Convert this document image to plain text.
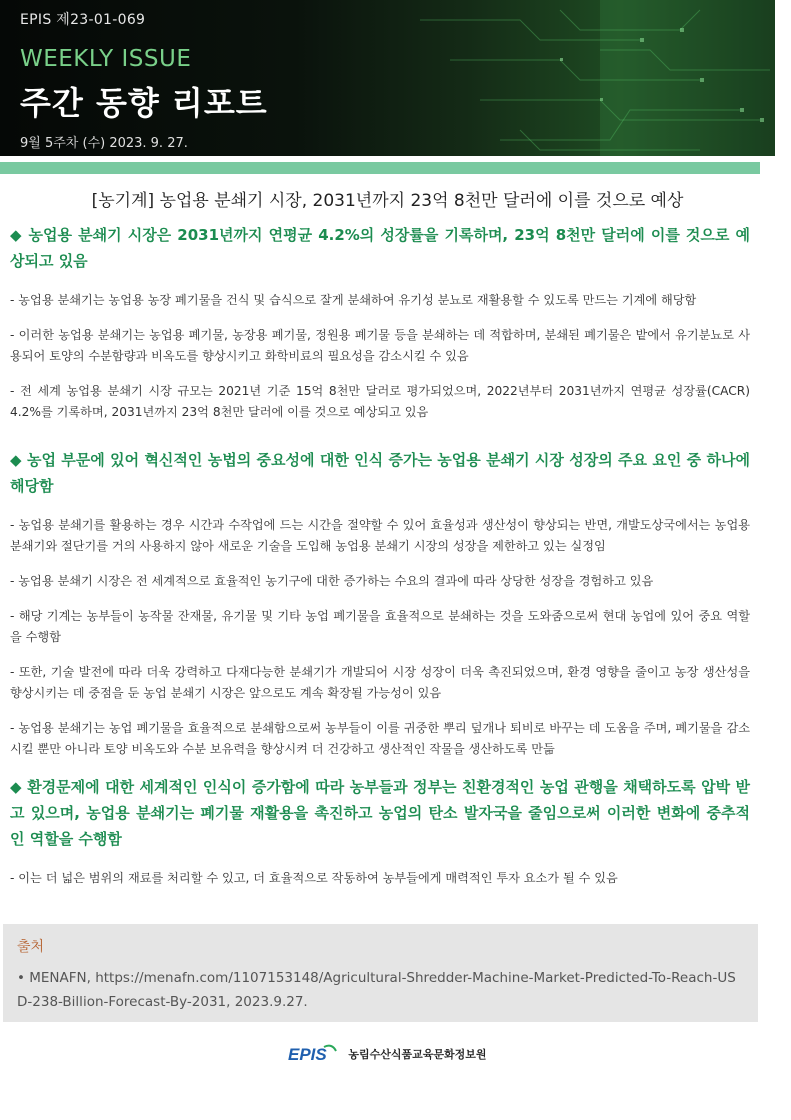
EPIS 제23-01-069
WEEKLY ISSUE
주간 동향 리포트
9월 5주차 (수) 2023. 9. 27.
[농기계] 농업용 분쇄기 시장, 2031년까지 23억 8천만 달러에 이를 것으로 예상
◆ 농업용 분쇄기 시장은 2031년까지 연평균 4.2%의 성장률을 기록하며, 23억 8천만 달러에 이를 것으로 예상되고 있음

- 농업용 분쇄기는 농업용 농장 폐기물을 건식 및 습식으로 잘게 분쇄하여 유기성 분뇨로 재활용할 수 있도록 만드는 기계에 해당함

- 이러한 농업용 분쇄기는 농업용 폐기물, 농장용 폐기물, 정원용 폐기물 등을 분쇄하는 데 적합하며, 분쇄된 폐기물은 밭에서 유기분뇨로 사용되어 토양의 수분함량과 비옥도를 향상시키고 화학비료의 필요성을 감소시킬 수 있음

- 전 세계 농업용 분쇄기 시장 규모는 2021년 기준 15억 8천만 달러로 평가되었으며, 2022년부터 2031년까지 연평균 성장률(CACR) 4.2%를 기록하며, 2031년까지 23억 8천만 달러에 이를 것으로 예상되고 있음

◆ 농업 부문에 있어 혁신적인 농법의 중요성에 대한 인식 증가는 농업용 분쇄기 시장 성장의 주요 요인 중 하나에 해당함

- 농업용 분쇄기를 활용하는 경우 시간과 수작업에 드는 시간을 절약할 수 있어 효율성과 생산성이 향상되는 반면, 개발도상국에서는 농업용 분쇄기와 절단기를 거의 사용하지 않아 새로운 기술을 도입해 농업용 분쇄기 시장의 성장을 제한하고 있는 실정임

- 농업용 분쇄기 시장은 전 세계적으로 효율적인 농기구에 대한 증가하는 수요의 결과에 따라 상당한 성장을 경험하고 있음

- 해당 기계는 농부들이 농작물 잔재물, 유기물 및 기타 농업 폐기물을 효율적으로 분쇄하는 것을 도와줌으로써 현대 농업에 있어 중요 역할을 수행함

- 또한, 기술 발전에 따라 더욱 강력하고 다재다능한 분쇄기가 개발되어 시장 성장이 더욱 촉진되었으며, 환경 영향을 줄이고 농장 생산성을 향상시키는 데 중점을 둔 농업 분쇄기 시장은 앞으로도 계속 확장될 가능성이 있음

- 농업용 분쇄기는 농업 폐기물을 효율적으로 분쇄함으로써 농부들이 이를 귀중한 뿌리 덮개나 퇴비로 바꾸는 데 도움을 주며, 폐기물을 감소시킬 뿐만 아니라 토양 비옥도와 수분 보유력을 향상시켜 더 건강하고 생산적인 작물을 생산하도록 만듦

◆ 환경문제에 대한 세계적인 인식이 증가함에 따라 농부들과 정부는 친환경적인 농업 관행을 채택하도록 압박 받고 있으며, 농업용 분쇄기는 폐기물 재활용을 촉진하고 농업의 탄소 발자국을 줄임으로써 이러한 변화에 중추적인 역할을 수행함

- 이는 더 넓은 범위의 재료를 처리할 수 있고, 더 효율적으로 작동하여 농부들에게 매력적인 투자 요소가 될 수 있음

출처
• MENAFN, https://menafn.com/1107153148/Agricultural-Shredder-Machine-Market-Predicted-To-Reach-USD-238-Billion-Forecast-By-2031, 2023.9.27.
EPIS 농림수산식품교육문화정보원
